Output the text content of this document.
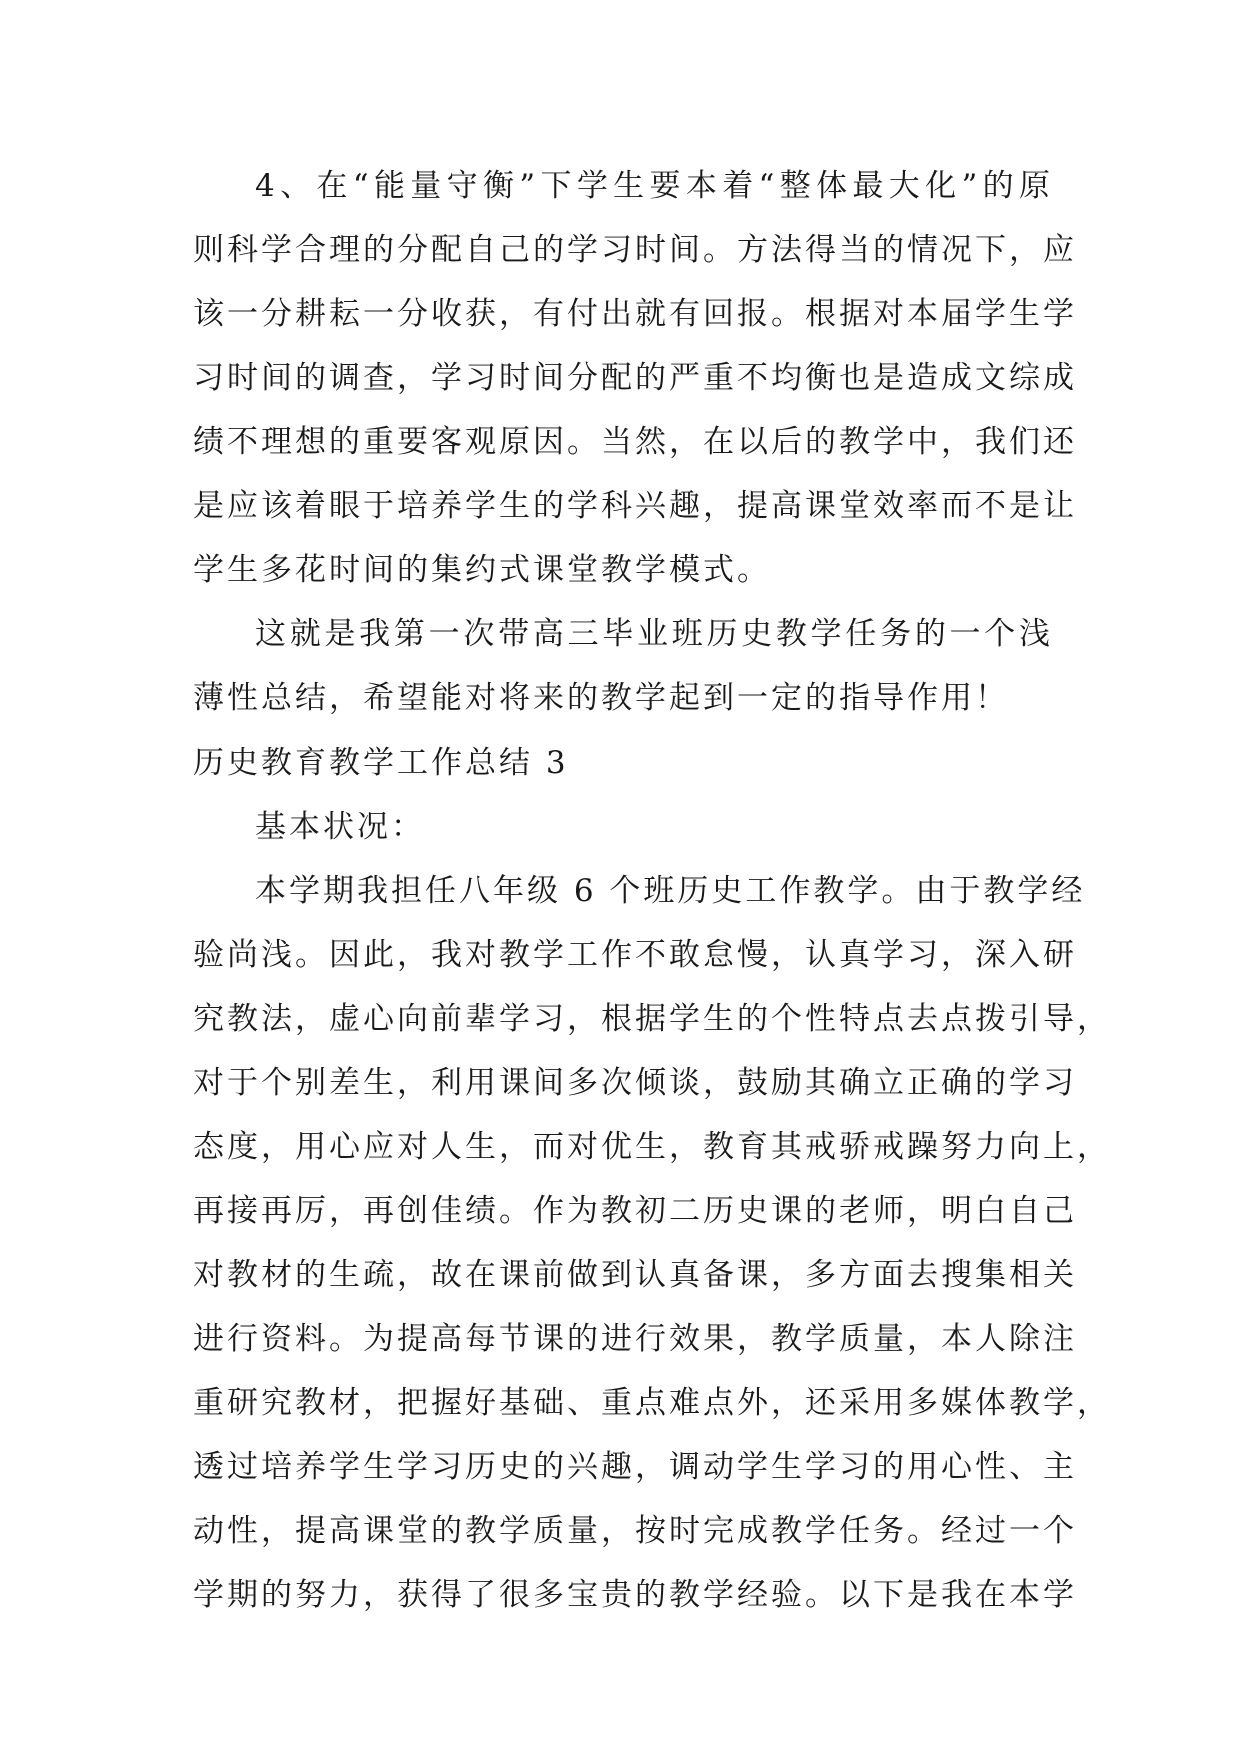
4、在“能量守衡”下学生要本着“整体最大化”的原
则科学合理的分配自己的学习时间。方法得当的情况下，应
该一分耕耘一分收获，有付出就有回报。根据对本届学生学
习时间的调查，学习时间分配的严重不均衡也是造成文综成
绩不理想的重要客观原因。当然，在以后的教学中，我们还
是应该着眼于培养学生的学科兴趣，提高课堂效率而不是让
学生多花时间的集约式课堂教学模式。
这就是我第一次带高三毕业班历史教学任务的一个浅
薄性总结，希望能对将来的教学起到一定的指导作用！
历史教育教学工作总结 3
基本状况：
本学期我担任八年级 6 个班历史工作教学。由于教学经
验尚浅。因此，我对教学工作不敢怠慢，认真学习，深入研
究教法，虚心向前辈学习，根据学生的个性特点去点拨引导，
对于个别差生，利用课间多次倾谈，鼓励其确立正确的学习
态度，用心应对人生，而对优生，教育其戒骄戒躁努力向上，
再接再厉，再创佳绩。作为教初二历史课的老师，明白自己
对教材的生疏，故在课前做到认真备课，多方面去搜集相关
进行资料。为提高每节课的进行效果，教学质量，本人除注
重研究教材，把握好基础、重点难点外，还采用多媒体教学，
透过培养学生学习历史的兴趣，调动学生学习的用心性、主
动性，提高课堂的教学质量，按时完成教学任务。经过一个
学期的努力，获得了很多宝贵的教学经验。以下是我在本学
